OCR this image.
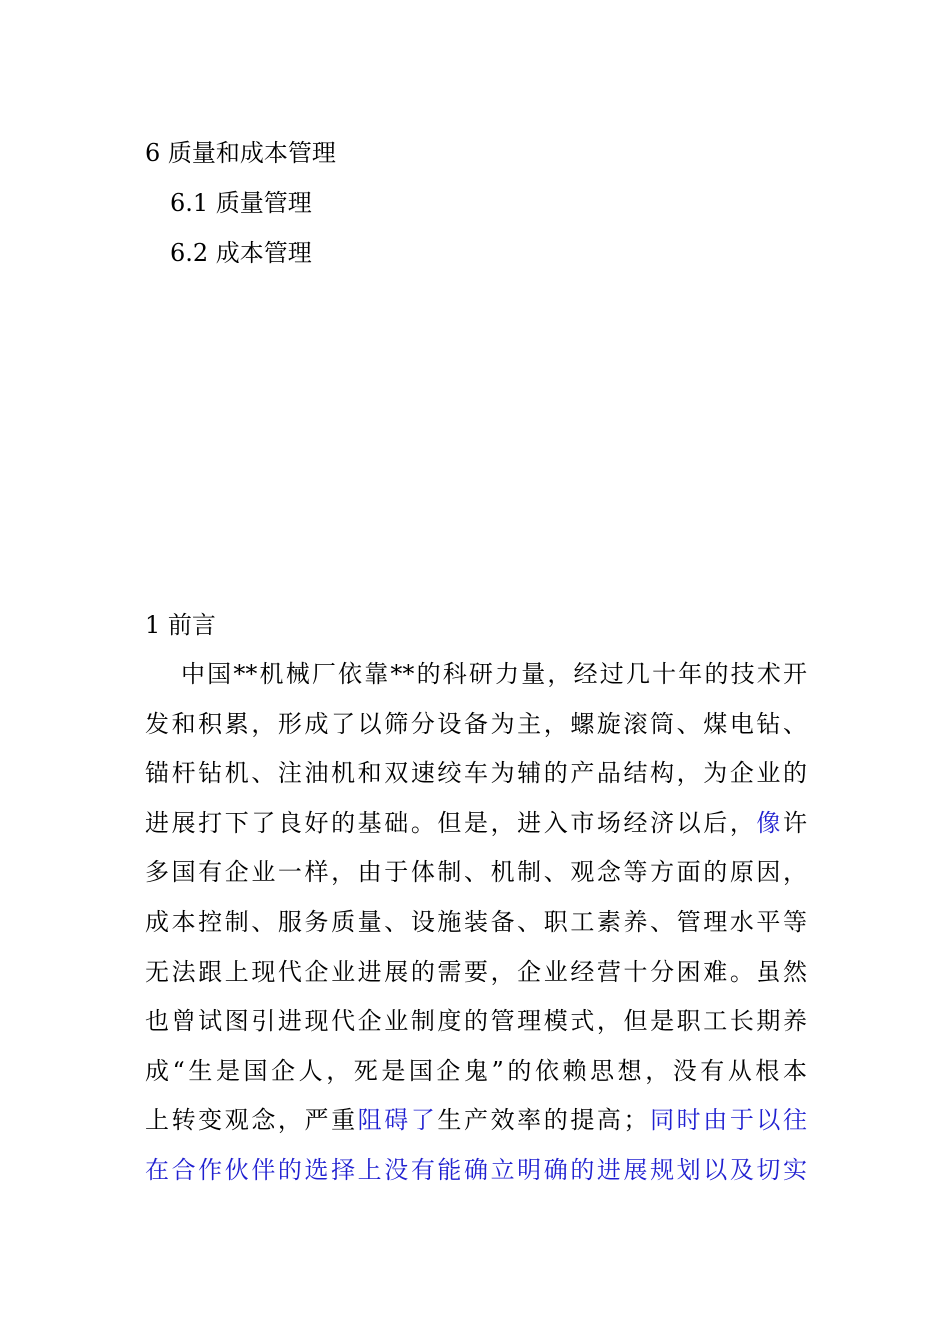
6 质量和成本管理
6.1 质量管理
6.2 成本管理
1 前言
中国**机械厂依靠**的科研力量，经过几十年的技术开
发和积累，形成了以筛分设备为主，螺旋滚筒、煤电钻、
锚杆钻机、注油机和双速绞车为辅的产品结构，为企业的
进展打下了良好的基础。但是，进入市场经济以后，像许
多国有企业一样，由于体制、机制、观念等方面的原因，
成本控制、服务质量、设施装备、职工素养、管理水平等
无法跟上现代企业进展的需要，企业经营十分困难。虽然
也曾试图引进现代企业制度的管理模式，但是职工长期养
成“生是国企人，死是国企鬼”的依赖思想，没有从根本
上转变观念，严重阻碍了生产效率的提高；同时由于以往
在合作伙伴的选择上没有能确立明确的进展规划以及切实
